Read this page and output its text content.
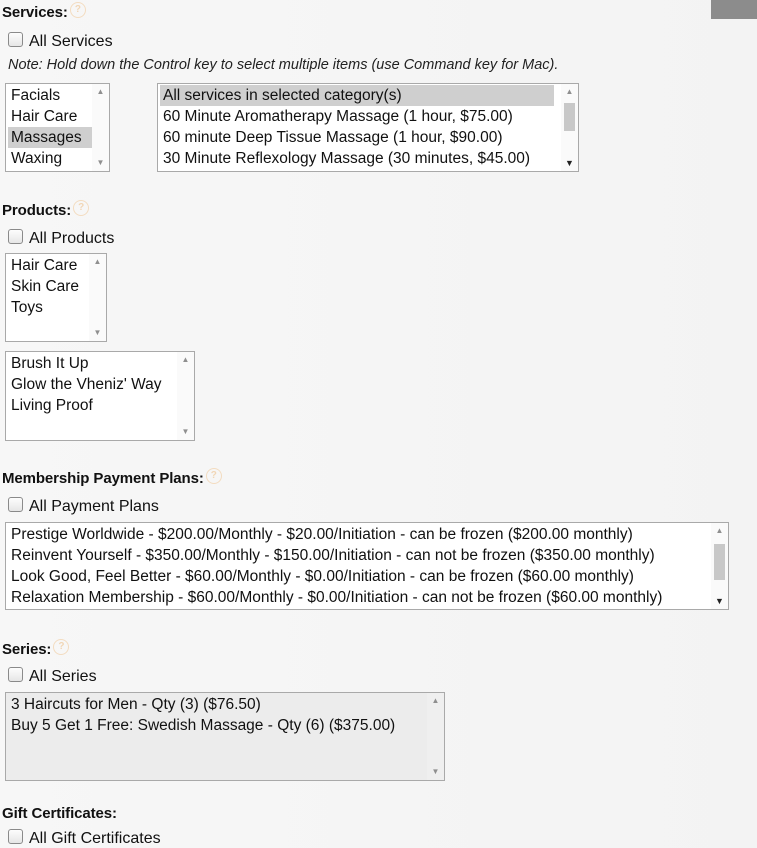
Services: ?
All Services
Note: Hold down the Control key to select multiple items (use Command key for Mac).
Facials
Hair Care
Massages
Waxing
▲
▼
All services in selected category(s)
60 Minute Aromatherapy Massage (1 hour, $75.00)
60 minute Deep Tissue Massage (1 hour, $90.00)
30 Minute Reflexology Massage (30 minutes, $45.00)
▲
▼
Products: ?
All Products
Hair Care
Skin Care
Toys
▲
▼
Brush It Up
Glow the Vheniz' Way
Living Proof
▲
▼
Membership Payment Plans: ?
All Payment Plans
Prestige Worldwide - $200.00/Monthly - $20.00/Initiation - can be frozen ($200.00 monthly)
Reinvent Yourself - $350.00/Monthly - $150.00/Initiation - can not be frozen ($350.00 monthly)
Look Good, Feel Better - $60.00/Monthly - $0.00/Initiation - can be frozen ($60.00 monthly)
Relaxation Membership - $60.00/Monthly - $0.00/Initiation - can not be frozen ($60.00 monthly)
▲
▼
Series: ?
All Series
3 Haircuts for Men - Qty (3) ($76.50)
Buy 5 Get 1 Free: Swedish Massage - Qty (6) ($375.00)
▲
▼
Gift Certificates:
All Gift Certificates
